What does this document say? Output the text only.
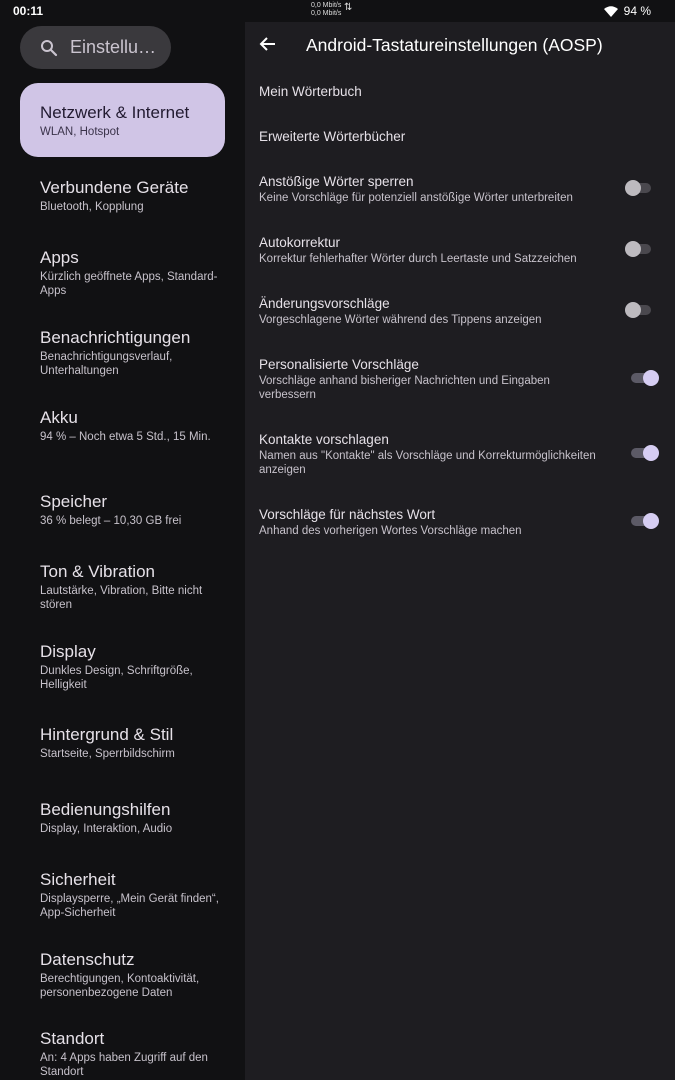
00:11	0,0 Mbit/s
0,0 Mbit/s
⇅	94 %
Einstellu…
Netzwerk & Internet
WLAN, Hotspot
Verbundene Geräte
Bluetooth, Kopplung
Apps
Kürzlich geöffnete Apps, Standard-Apps
Benachrichtigungen
Benachrichtigungsverlauf, Unterhaltungen
Akku
94 % – Noch etwa 5 Std., 15 Min.
Speicher
36 % belegt – 10,30 GB frei
Ton & Vibration
Lautstärke, Vibration, Bitte nicht stören
Display
Dunkles Design, Schriftgröße, Helligkeit
Hintergrund & Stil
Startseite, Sperrbildschirm
Bedienungshilfen
Display, Interaktion, Audio
Sicherheit
Displaysperre, „Mein Gerät finden“, App-Sicherheit
Datenschutz
Berechtigungen, Kontoaktivität, personenbezogene Daten
Standort
An: 4 Apps haben Zugriff auf den Standort
Android-Tastatureinstellungen (AOSP)
Mein Wörterbuch
Erweiterte Wörterbücher
Anstößige Wörter sperren
Keine Vorschläge für potenziell anstößige Wörter unterbreiten
Autokorrektur
Korrektur fehlerhafter Wörter durch Leertaste und Satzzeichen
Änderungsvorschläge
Vorgeschlagene Wörter während des Tippens anzeigen
Personalisierte Vorschläge
Vorschläge anhand bisheriger Nachrichten und Eingaben verbessern
Kontakte vorschlagen
Namen aus "Kontakte" als Vorschläge und Korrekturmöglichkeiten anzeigen
Vorschläge für nächstes Wort
Anhand des vorherigen Wortes Vorschläge machen
